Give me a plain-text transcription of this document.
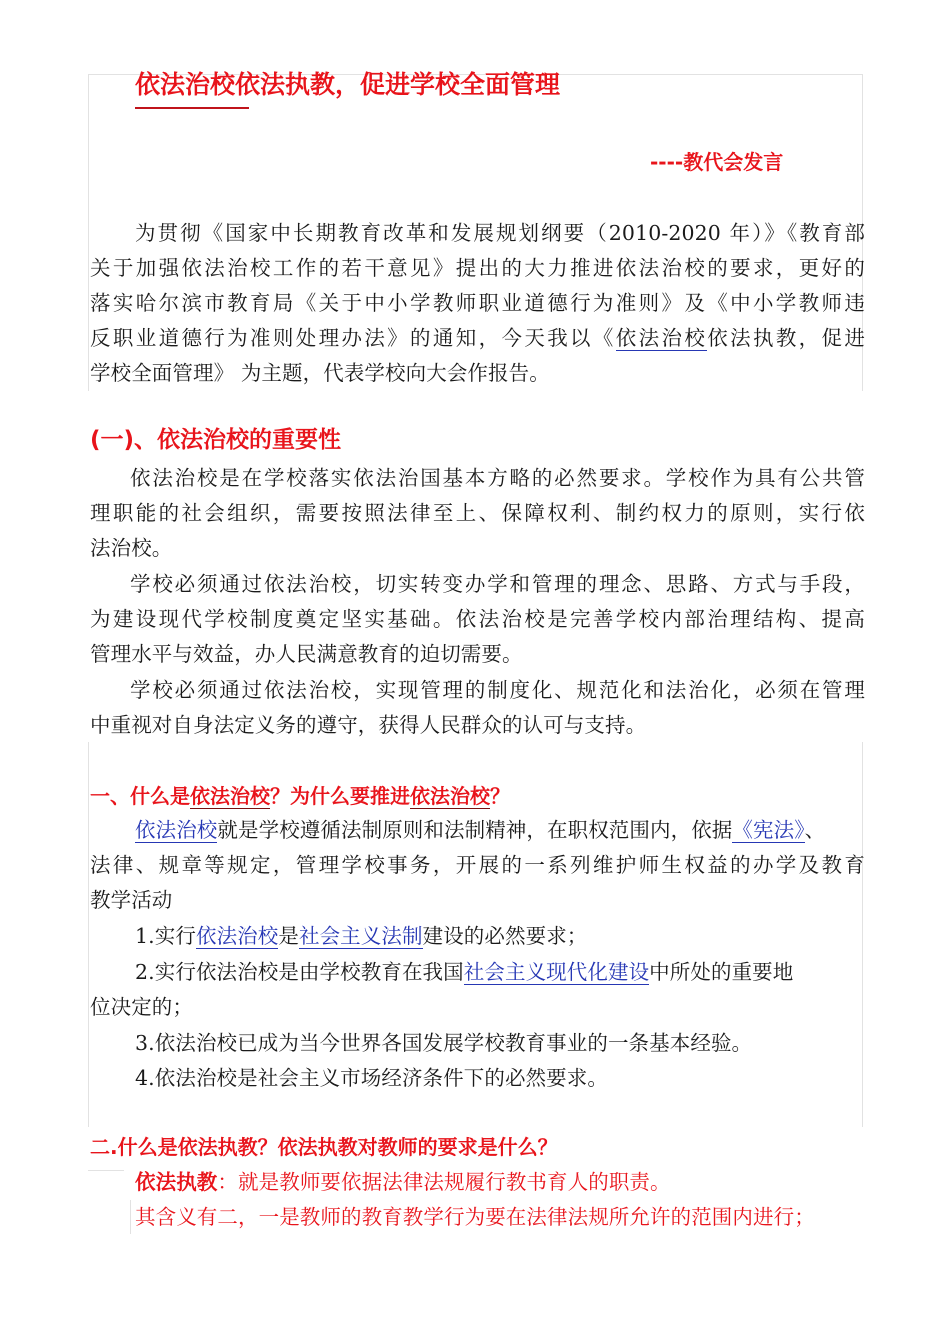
依法治校依法执教，促进学校全面管理
----教代会发言
为贯彻《国家中长期教育改革和发展规划纲要（2010-2020 年）》《教育部
关于加强依法治校工作的若干意见》提出的大力推进依法治校的要求，更好的
落实哈尔滨市教育局《关于中小学教师职业道德行为准则》及《中小学教师违
反职业道德行为准则处理办法》的通知，今天我以《依法治校依法执教，促进
学校全面管理》 为主题，代表学校向大会作报告。
(一)、依法治校的重要性
依法治校是在学校落实依法治国基本方略的必然要求。学校作为具有公共管
理职能的社会组织，需要按照法律至上、保障权利、制约权力的原则，实行依
法治校。
学校必须通过依法治校，切实转变办学和管理的理念、思路、方式与手段，
为建设现代学校制度奠定坚实基础。依法治校是完善学校内部治理结构、提高
管理水平与效益，办人民满意教育的迫切需要。
学校必须通过依法治校，实现管理的制度化、规范化和法治化，必须在管理
中重视对自身法定义务的遵守，获得人民群众的认可与支持。
一、什么是依法治校？为什么要推进依法治校？
依法治校就是学校遵循法制原则和法制精神，在职权范围内，依据《宪法》、
法律、规章等规定，管理学校事务，开展的一系列维护师生权益的办学及教育
教学活动
1.实行依法治校是社会主义法制建设的必然要求；
2.实行依法治校是由学校教育在我国社会主义现代化建设中所处的重要地
位决定的；
3.依法治校已成为当今世界各国发展学校教育事业的一条基本经验。
4.依法治校是社会主义市场经济条件下的必然要求。
二.什么是依法执教？依法执教对教师的要求是什么？
依法执教：就是教师要依据法律法规履行教书育人的职责。
其含义有二，一是教师的教育教学行为要在法律法规所允许的范围内进行；
